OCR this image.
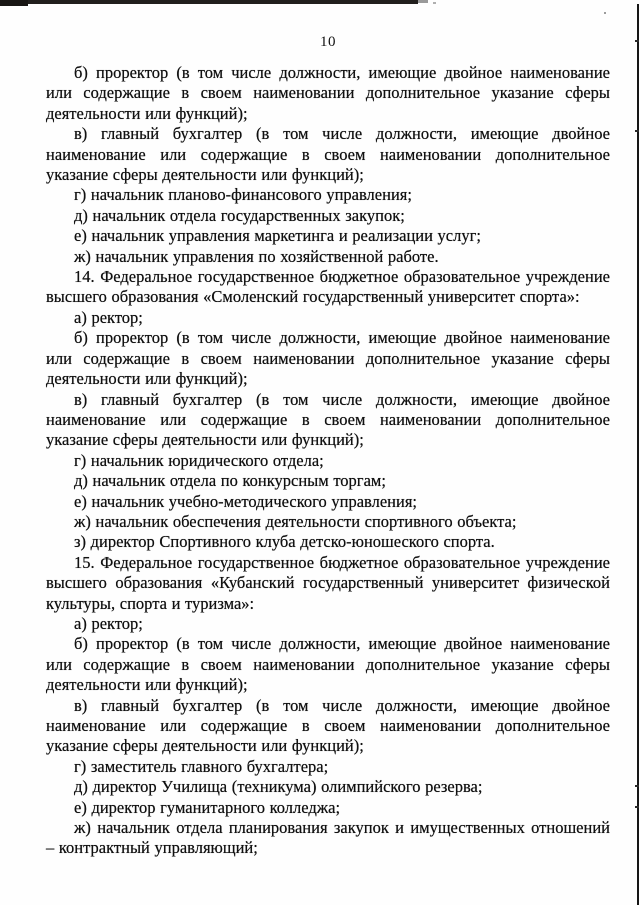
10

б) проректор (в том числе должности, имеющие двойное наименование или содержащие в своем наименовании дополнительное указание сферы деятельности или функций);

в) главный бухгалтер (в том числе должности, имеющие двойное наименование или содержащие в своем наименовании дополнительное указание сферы деятельности или функций);

г) начальник планово-финансового управления;

д) начальник отдела государственных закупок;

е) начальник управления маркетинга и реализации услуг;

ж) начальник управления по хозяйственной работе.

14. Федеральное государственное бюджетное образовательное учреждение высшего образования «Смоленский государственный университет спорта»:

а) ректор;

б) проректор (в том числе должности, имеющие двойное наименование или содержащие в своем наименовании дополнительное указание сферы деятельности или функций);

в) главный бухгалтер (в том числе должности, имеющие двойное наименование или содержащие в своем наименовании дополнительное указание сферы деятельности или функций);

г) начальник юридического отдела;

д) начальник отдела по конкурсным торгам;

е) начальник учебно-методического управления;

ж) начальник обеспечения деятельности спортивного объекта;

з) директор Спортивного клуба детско-юношеского спорта.

15. Федеральное государственное бюджетное образовательное учреждение высшего образования «Кубанский государственный университет физической культуры, спорта и туризма»:

а) ректор;

б) проректор (в том числе должности, имеющие двойное наименование или содержащие в своем наименовании дополнительное указание сферы деятельности или функций);

в) главный бухгалтер (в том числе должности, имеющие двойное наименование или содержащие в своем наименовании дополнительное указание сферы деятельности или функций);

г) заместитель главного бухгалтера;

д) директор Училища (техникума) олимпийского резерва;

е) директор гуманитарного колледжа;

ж) начальник отдела планирования закупок и имущественных отношений – контрактный управляющий;
